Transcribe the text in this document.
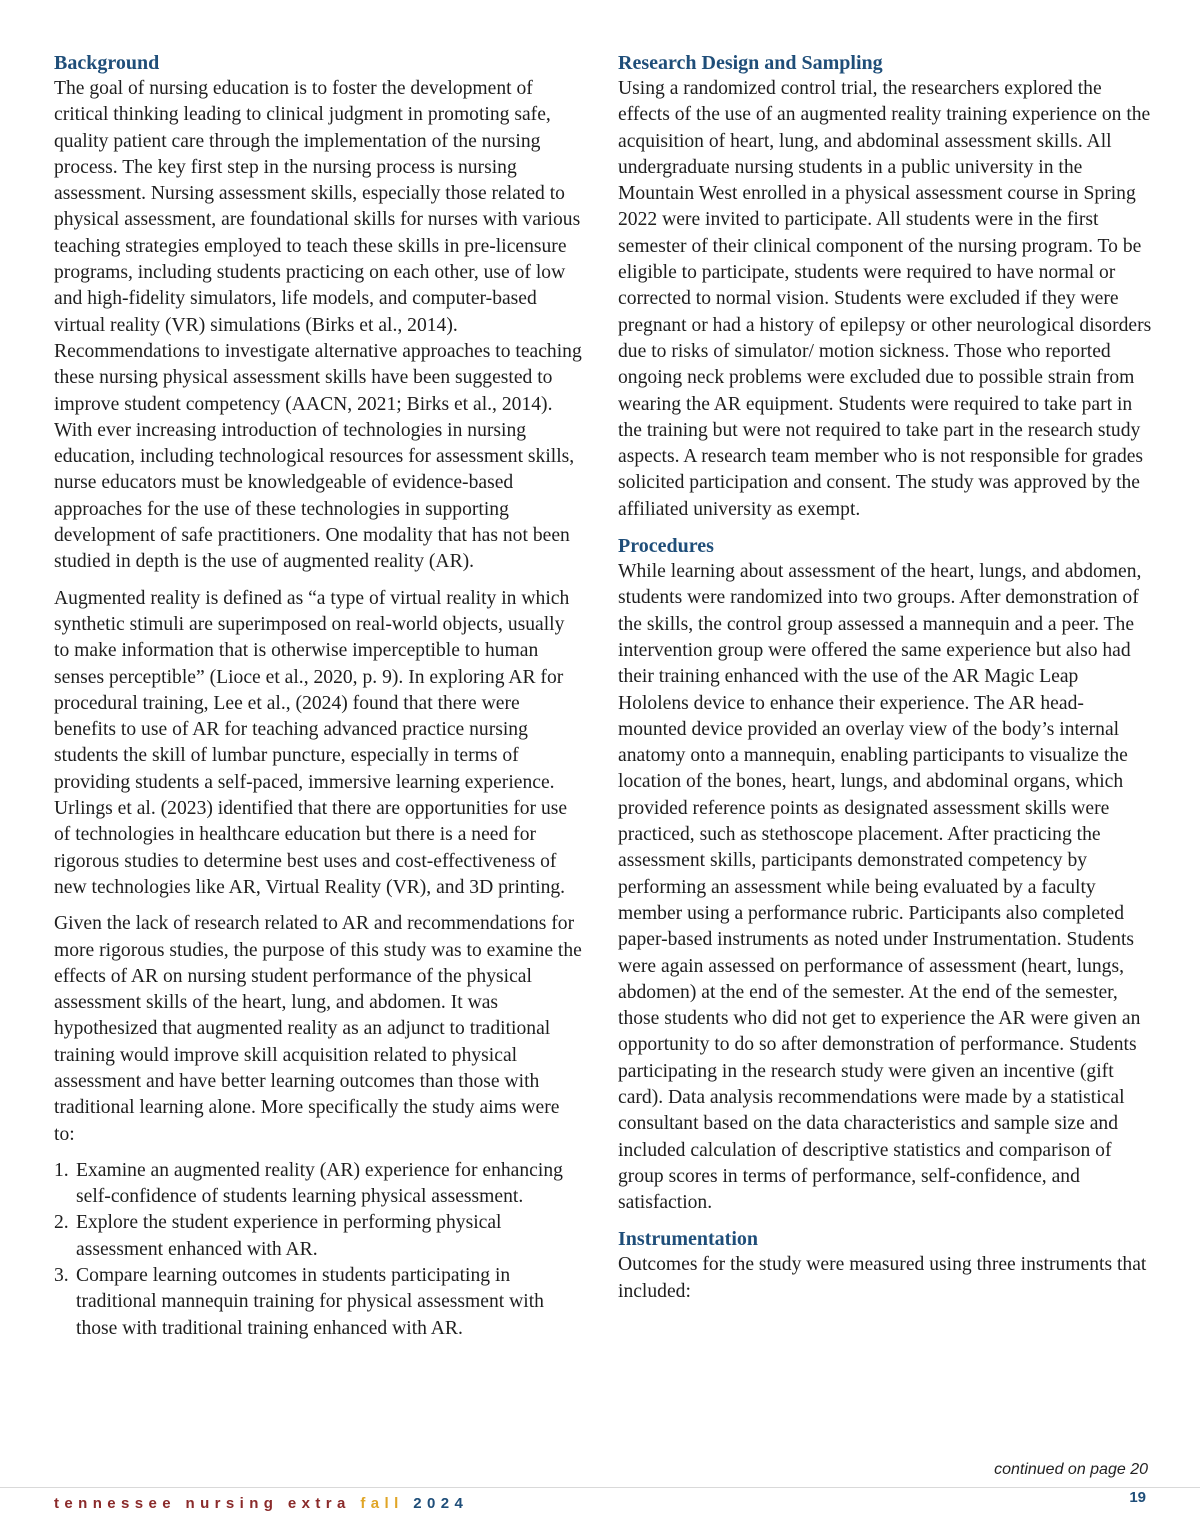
Background

The goal of nursing education is to foster the development of critical thinking leading to clinical judgment in promoting safe, quality patient care through the implementation of the nursing process. The key first step in the nursing process is nursing assessment. Nursing assessment skills, especially those related to physical assessment, are foundational skills for nurses with various teaching strategies employed to teach these skills in pre-licensure programs, including students practicing on each other, use of low and high-fidelity simulators, life models, and computer-based virtual reality (VR) simulations (Birks et al., 2014). Recommendations to investigate alternative approaches to teaching these nursing physical assessment skills have been suggested to improve student competency (AACN, 2021; Birks et al., 2014). With ever increasing introduction of technologies in nursing education, including technological resources for assessment skills, nurse educators must be knowledgeable of evidence-based approaches for the use of these technologies in supporting development of safe practitioners. One modality that has not been studied in depth is the use of augmented reality (AR).

Augmented reality is defined as “a type of virtual reality in which synthetic stimuli are superimposed on real-world objects, usually to make information that is otherwise imperceptible to human senses perceptible” (Lioce et al., 2020, p. 9). In exploring AR for procedural training, Lee et al., (2024) found that there were benefits to use of AR for teaching advanced practice nursing students the skill of lumbar puncture, especially in terms of providing students a self-paced, immersive learning experience. Urlings et al. (2023) identified that there are opportunities for use of technologies in healthcare education but there is a need for rigorous studies to determine best uses and cost-effectiveness of new technologies like AR, Virtual Reality (VR), and 3D printing.

Given the lack of research related to AR and recommendations for more rigorous studies, the purpose of this study was to examine the effects of AR on nursing student performance of the physical assessment skills of the heart, lung, and abdomen. It was hypothesized that augmented reality as an adjunct to traditional training would improve skill acquisition related to physical assessment and have better learning outcomes than those with traditional learning alone. More specifically the study aims were to:

1. Examine an augmented reality (AR) experience for enhancing self-confidence of students learning physical assessment.
2. Explore the student experience in performing physical assessment enhanced with AR.
3. Compare learning outcomes in students participating in traditional mannequin training for physical assessment with those with traditional training enhanced with AR.
Research Design and Sampling

Using a randomized control trial, the researchers explored the effects of the use of an augmented reality training experience on the acquisition of heart, lung, and abdominal assessment skills. All undergraduate nursing students in a public university in the Mountain West enrolled in a physical assessment course in Spring 2022 were invited to participate. All students were in the first semester of their clinical component of the nursing program. To be eligible to participate, students were required to have normal or corrected to normal vision. Students were excluded if they were pregnant or had a history of epilepsy or other neurological disorders due to risks of simulator/ motion sickness. Those who reported ongoing neck problems were excluded due to possible strain from wearing the AR equipment. Students were required to take part in the training but were not required to take part in the research study aspects. A research team member who is not responsible for grades solicited participation and consent. The study was approved by the affiliated university as exempt.

Procedures

While learning about assessment of the heart, lungs, and abdomen, students were randomized into two groups. After demonstration of the skills, the control group assessed a mannequin and a peer. The intervention group were offered the same experience but also had their training enhanced with the use of the AR Magic Leap Hololens device to enhance their experience. The AR head-mounted device provided an overlay view of the body’s internal anatomy onto a mannequin, enabling participants to visualize the location of the bones, heart, lungs, and abdominal organs, which provided reference points as designated assessment skills were practiced, such as stethoscope placement. After practicing the assessment skills, participants demonstrated competency by performing an assessment while being evaluated by a faculty member using a performance rubric. Participants also completed paper-based instruments as noted under Instrumentation. Students were again assessed on performance of assessment (heart, lungs, abdomen) at the end of the semester. At the end of the semester, those students who did not get to experience the AR were given an opportunity to do so after demonstration of performance. Students participating in the research study were given an incentive (gift card). Data analysis recommendations were made by a statistical consultant based on the data characteristics and sample size and included calculation of descriptive statistics and comparison of group scores in terms of performance, self-confidence, and satisfaction.

Instrumentation

Outcomes for the study were measured using three instruments that included:

continued on page 20
tennessee nursing extra fall 2024	19
